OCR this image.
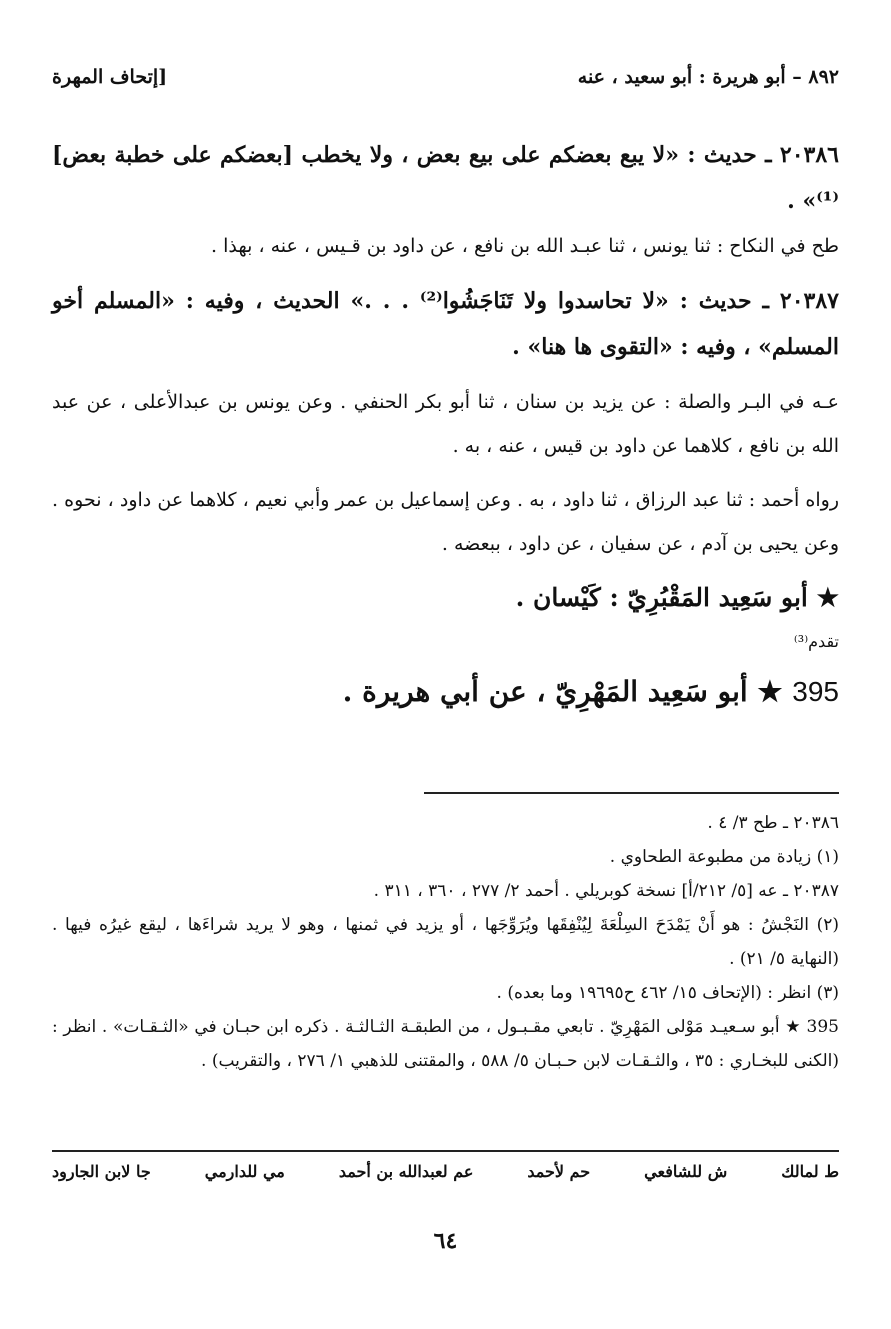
٨٩٢ – أبو هريرة : أبو سعيد ، عنه
[إتحاف المهرة

٢٠٣٨٦ ـ حديث : «لا يبع بعضكم على بيع بعض ، ولا يخطب [بعضكم على خطبة بعض]⁽¹⁾» .

طح في النكاح : ثنا يونس ، ثنا عبـد الله بن نافع ، عن داود بن قـيس ، عنه ، بهذا .

٢٠٣٨٧ ـ حديث : «لا تحاسدوا ولا تَنَاجَشُوا⁽²⁾ . . .» الحديث ، وفيه : «المسلم أخو المسلم» ، وفيه : «التقوى ها هنا» .

عـه في البـر والصلة : عن يزيد بن سنان ، ثنا أبو بكر الحنفي . وعن يونس بن عبدالأعلى ، عن عبد الله بن نافع ، كلاهما عن داود بن قيس ، عنه ، به .

رواه أحمد : ثنا عبد الرزاق ، ثنا داود ، به . وعن إسماعيل بن عمر وأبي نعيم ، كلاهما عن داود ، نحوه . وعن يحيى بن آدم ، عن سفيان ، عن داود ، ببعضه .

★ أبو سَعِيد المَقْبُرِيّ : كَيْسان .

تقدم⁽³⁾

395 ★ أبو سَعِيد المَهْرِيّ ، عن أبي هريرة .

٢٠٣٨٦ ـ طح ٣/ ٤ .

(١) زيادة من مطبوعة الطحاوي .

٢٠٣٨٧ ـ عه [٥/ ٢١٢/أ] نسخة كوبريلي . أحمد ٢/ ٢٧٧ ، ٣٦٠ ، ٣١١ .

(٢) النَجْشُ : هو أَنْ يَمْدَحَ السِلْعَةَ لِيُنْفِقَها ويُرَوِّجَها ، أو يزيد في ثمنها ، وهو لا يريد شراءَها ، ليقع غيرُه فيها . (النهاية ٥/ ٢١) .

(٣) انظر : (الإتحاف ١٥/ ٤٦٢ ح١٩٦٩٥ وما بعده) .

395 ★ أبو سـعيـد مَوْلى المَهْرِيّ . تابعي مقـبـول ، من الطبقـة الثـالثـة . ذكره ابن حبـان في «الثـقـات» . انظر : (الكنى للبخـاري : ٣٥ ، والثـقـات لابن حـبـان ٥/ ٥٨٨ ، والمقتنى للذهبي ١/ ٢٧٦ ، والتقريب) .

ط لمالك
ش للشافعي
حم لأحمد
عم لعبدالله بن أحمد
مي للدارمي
جا لابن الجارود
٦٤
